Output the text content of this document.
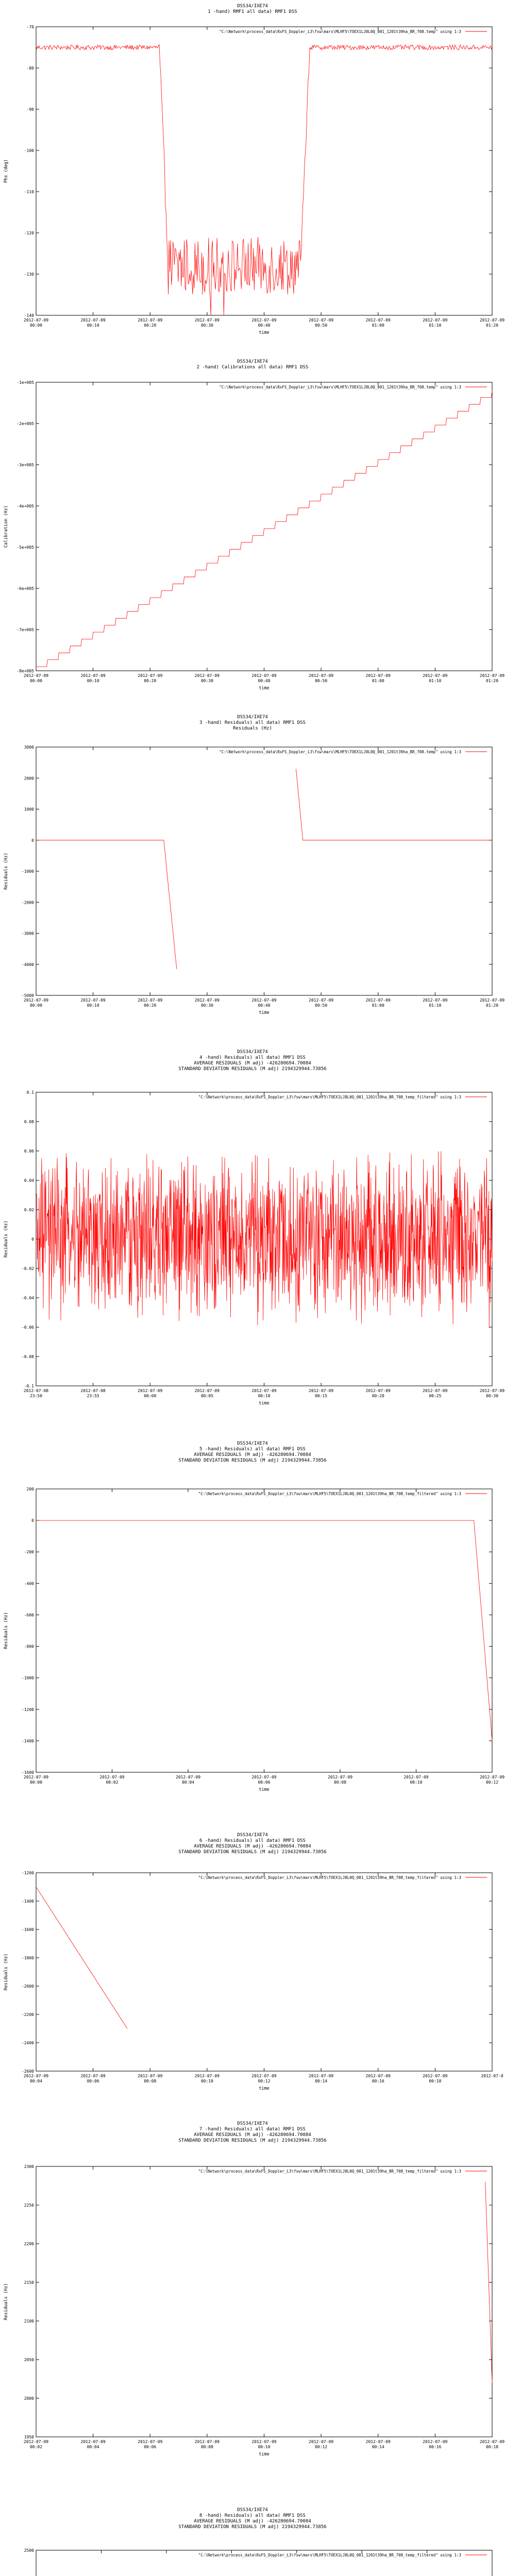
DSS34/IXE74
1 -hand) RMF1 all data) RMF1 DSS
"C:\Network\process_data\RxFS_Doppler_L3\fsw\mars\MLHF5\TOEX1LJ8L0Q_001_1201t39ha_BR_708.temp" using 1:3
-70
-80
-90
-100
-110
-120
-130
-140
2012-07-09 00:00
2012-07-09 00:10
2012-07-09 00:20
2012-07-09 00:30
2012-07-09 00:40
2012-07-09 00:50
2012-07-09 01:00
2012-07-09 01:10
2012-07-09 01:20
Phs (deg)
time
DSS34/IXE74
2 -hand) Calibrations all data) RMF1 DSS
"C:\Network\process_data\RxFS_Doppler_L3\fsw\mars\MLHF5\TOEX1LJ8L0Q_001_1201t39ha_BR_708.temp" using 1:3
-1e+005
-2e+005
-3e+005
-4e+005
-5e+005
-6e+005
-7e+005
-8e+005
2012-07-09 00:00
2012-07-09 00:10
2012-07-09 00:20
2012-07-09 00:30
2012-07-09 00:40
2012-07-09 00:50
2012-07-09 01:00
2012-07-09 01:10
2012-07-09 01:20
Calibration (Hz)
time
DSS34/IXE74
3 -hand) Residuals) all data) RMF1 DSS
Residuals (Hz)
"C:\Network\process_data\RxFS_Doppler_L3\fsw\mars\MLHF5\TOEX1LJ8L0Q_001_1201t39ha_BR_708.temp" using 1:3
3000
2000
1000
0
-1000
-2000
-3000
-4000
-5000
2012-07-09 00:00
2012-07-09 00:10
2012-07-09 00:20
2012-07-09 00:30
2012-07-09 00:40
2012-07-09 00:50
2012-07-09 01:00
2012-07-09 01:10
2012-07-09 01:20
Residuals (Hz)
time
DSS34/IXE74
4 -hand) Residuals) all data) RMF1 DSS
AVERAGE RESIDUALS (M adj) -426280694.70084
STANDARD DEVIATION RESIDUALS (M adj) 2194329944.73856
"C:\Network\process_data\RxFS_Doppler_L3\fsw\mars\MLHF5\TOEX1LJ8L0Q_001_1201t39ha_BR_708_temp_filtered" using 1:3
0.1
0.08
0.06
0.04
0.02
0
-0.02
-0.04
-0.06
-0.08
-0.1
2012-07-08 23:50
2012-07-08 23:55
2012-07-09 00:00
2012-07-09 00:05
2012-07-09 00:10
2012-07-09 00:15
2012-07-09 00:20
2012-07-09 00:25
2012-07-09 00:30
Residuals (Hz)
time
DSS34/IXE74
5 -hand) Residuals) all data) RMF1 DSS
AVERAGE RESIDUALS (M adj) -426280694.70084
STANDARD DEVIATION RESIDUALS (M adj) 2194329944.73856
"C:\Network\process_data\RxFS_Doppler_L3\fsw\mars\MLHF5\TOEX1LJ8L0Q_001_1201t39ha_BR_708_temp_filtered" using 1:3
200
0
-200
-400
-600
-800
-1000
-1200
-1400
-1600
2012-07-09 00:00
2012-07-09 00:02
2012-07-09 00:04
2012-07-09 00:06
2012-07-09 00:08
2012-07-09 00:10
2012-07-09 00:12
Residuals (Hz)
time
DSS34/IXE74
6 -hand) Residuals) all data) RMF1 DSS
AVERAGE RESIDUALS (M adj) -426280694.70084
STANDARD DEVIATION RESIDUALS (M adj) 2194329944.73856
"C:\Network\process_data\RxFS_Doppler_L3\fsw\mars\MLHF5\TOEX1LJ8L0Q_001_1201t39ha_BR_708_temp_filtered" using 1:3
-1200
-1400
-1600
-1800
-2000
-2200
-2400
-2600
2012-07-09 00:04
2012-07-09 00:06
2012-07-09 00:08
2012-07-09 00:10
2012-07-09 00:12
2012-07-09 00:14
2012-07-09 00:16
2012-07-09 00:18
2012-07-0
Residuals (Hz)
time
DSS34/IXE74
7 -hand) Residuals) all data) RMF1 DSS
AVERAGE RESIDUALS (M adj) -426280694.70084
STANDARD DEVIATION RESIDUALS (M adj) 2194329944.73856
"C:\Network\process_data\RxFS_Doppler_L3\fsw\mars\MLHF5\TOEX1LJ8L0Q_001_1201t39ha_BR_708_temp_filtered" using 1:3
2300
2250
2200
2150
2100
2050
2000
1950
2012-07-09 00:02
2012-07-09 00:04
2012-07-09 00:06
2012-07-09 00:08
2012-07-09 00:10
2012-07-09 00:12
2012-07-09 00:14
2012-07-09 00:16
2012-07-09 00:18
Residuals (Hz)
time
DSS34/IXE74
8 -hand) Residuals) all data) RMF1 DSS
AVERAGE RESIDUALS (M adj) -426280694.70084
STANDARD DEVIATION RESIDUALS (M adj) 2194329944.73856
"C:\Network\process_data\RxFS_Doppler_L3\fsw\mars\MLHF5\TOEX1LJ8L0Q_001_1201t39ha_BR_708_temp_filtered" using 1:3
2500
